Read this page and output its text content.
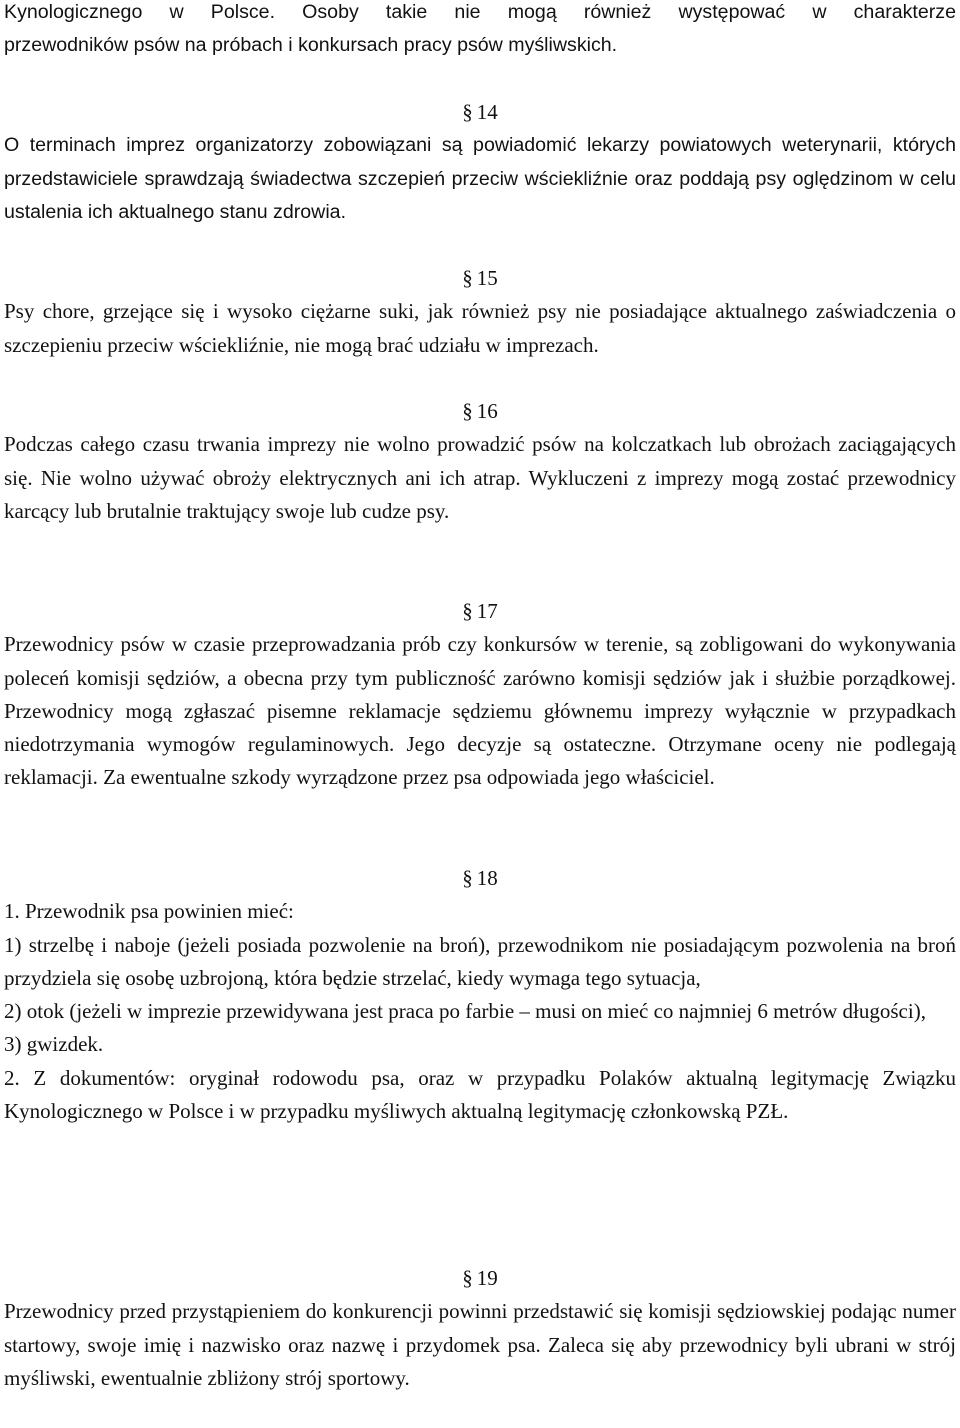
Kynologicznego w Polsce. Osoby takie nie mogą również występować w charakterze

przewodników psów na próbach i konkursach pracy psów myśliwskich.

§ 14

O terminach imprez organizatorzy zobowiązani są powiadomić lekarzy powiatowych weterynarii, których przedstawiciele sprawdzają świadectwa szczepień przeciw wściekliźnie oraz poddają psy oględzinom w celu ustalenia ich aktualnego stanu zdrowia.

§ 15

Psy chore, grzejące się i wysoko ciężarne suki, jak również psy nie posiadające aktualnego zaświadczenia o szczepieniu przeciw wściekliźnie, nie mogą brać udziału w imprezach.

§ 16

Podczas całego czasu trwania imprezy nie wolno prowadzić psów na kolczatkach lub obrożach zaciągających się. Nie wolno używać obroży elektrycznych ani ich atrap. Wykluczeni z imprezy mogą zostać przewodnicy karcący lub brutalnie traktujący swoje lub cudze psy.

§ 17

Przewodnicy psów w czasie przeprowadzania prób czy konkursów w terenie, są zobligowani do wykonywania poleceń komisji sędziów, a obecna przy tym publiczność zarówno komisji sędziów jak i służbie porządkowej. Przewodnicy mogą zgłaszać pisemne reklamacje sędziemu głównemu imprezy wyłącznie w przypadkach niedotrzymania wymogów regulaminowych. Jego decyzje są ostateczne. Otrzymane oceny nie podlegają reklamacji. Za ewentualne szkody wyrządzone przez psa odpowiada jego właściciel.

§ 18

1. Przewodnik psa powinien mieć:

1) strzelbę i naboje (jeżeli posiada pozwolenie na broń), przewodnikom nie posiadającym pozwolenia na broń przydziela się osobę uzbrojoną, która będzie strzelać, kiedy wymaga tego sytuacja,

2) otok (jeżeli w imprezie przewidywana jest praca po farbie – musi on mieć co najmniej 6 metrów długości),

3) gwizdek.

2. Z dokumentów: oryginał rodowodu psa, oraz w przypadku Polaków aktualną legitymację Związku Kynologicznego w Polsce i w przypadku myśliwych aktualną legitymację członkowską PZŁ.

§ 19

Przewodnicy przed przystąpieniem do konkurencji powinni przedstawić się komisji sędziowskiej podając numer startowy, swoje imię i nazwisko oraz nazwę i przydomek psa. Zaleca się aby przewodnicy byli ubrani w strój myśliwski, ewentualnie zbliżony strój sportowy.
